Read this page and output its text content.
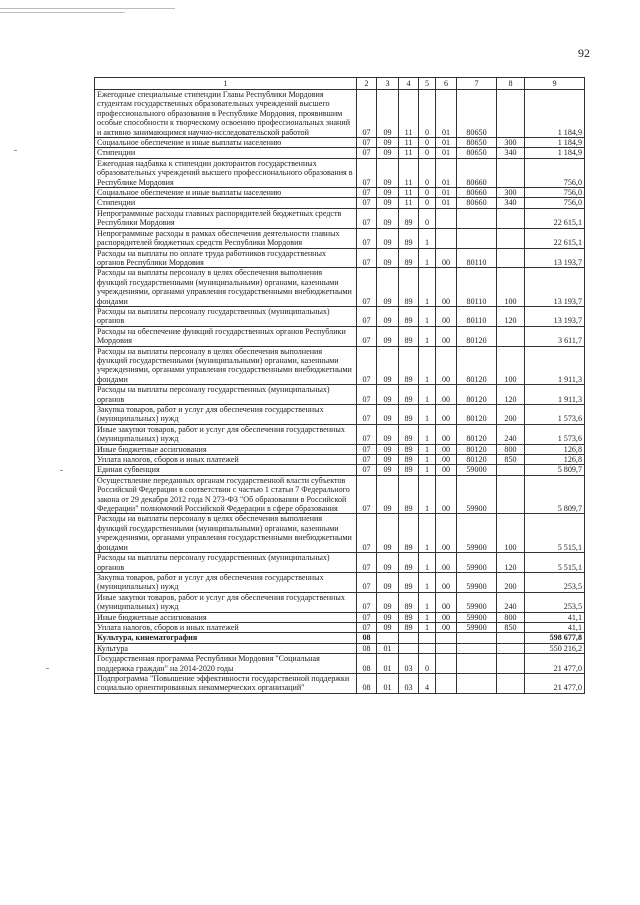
92
1	2	3	4	5	6	7	8	9
Ежегодные специальные стипендии Главы Республики Мордовия студентам государственных образовательных учреждений высшего профессионального образования в Республике Мордовия, проявившим особые способности к творческому освоению профессиональных знаний и активно занимающимся научно-исследовательской работой	07	09	11	0	01	80650		1 184,9
Социальное обеспечение и иные выплаты населению	07	09	11	0	01	80650	300	1 184,9
Стипендии	07	09	11	0	01	80650	340	1 184,9
Ежегодная надбавка к стипендии докторантов государственных образовательных учреждений высшего профессионального образования в Республике Мордовия	07	09	11	0	01	80660		756,0
Социальное обеспечение и иные выплаты населению	07	09	11	0	01	80660	300	756,0
Стипендии	07	09	11	0	01	80660	340	756,0
Непрограммные расходы главных распорядителей бюджетных средств Республики Мордовия	07	09	89	0				22 615,1
Непрограммные расходы в рамках обеспечения деятельности главных распорядителей бюджетных средств Республики Мордовия	07	09	89	1				22 615,1
Расходы на выплаты по оплате труда работников государственных органов Республики Мордовия	07	09	89	1	00	80110		13 193,7
Расходы на выплаты персоналу в целях обеспечения выполнения функций государственными (муниципальными) органами, казенными учреждениями, органами управления государственными внебюджетными фондами	07	09	89	1	00	80110	100	13 193,7
Расходы на выплаты персоналу государственных (муниципальных) органов	07	09	89	1	00	80110	120	13 193,7
Расходы на обеспечение функций государственных органов Республики Мордовия	07	09	89	1	00	80120		3 611,7
Расходы на выплаты персоналу в целях обеспечения выполнения функций государственными (муниципальными) органами, казенными учреждениями, органами управления государственными внебюджетными фондами	07	09	89	1	00	80120	100	1 911,3
Расходы на выплаты персоналу государственных (муниципальных) органов	07	09	89	1	00	80120	120	1 911,3
Закупка товаров, работ и услуг для обеспечения государственных (муниципальных) нужд	07	09	89	1	00	80120	200	1 573,6
Иные закупки товаров, работ и услуг для обеспечения государственных (муниципальных) нужд	07	09	89	1	00	80120	240	1 573,6
Иные бюджетные ассигнования	07	09	89	1	00	80120	800	126,8
Уплата налогов, сборов и иных платежей	07	09	89	1	00	80120	850	126,8
Единая субвенция	07	09	89	1	00	59000		5 809,7
Осуществление переданных органам государственной власти субъектов Российской Федерации в соответствии с частью 1 статьи 7 Федерального закона от 29 декабря 2012 года N 273-ФЗ "Об образовании в Российской Федерации" полномочий Российской Федерации в сфере образования	07	09	89	1	00	59900		5 809,7
Расходы на выплаты персоналу в целях обеспечения выполнения функций государственными (муниципальными) органами, казенными учреждениями, органами управления государственными внебюджетными фондами	07	09	89	1	00	59900	100	5 515,1
Расходы на выплаты персоналу государственных (муниципальных) органов	07	09	89	1	00	59900	120	5 515,1
Закупка товаров, работ и услуг для обеспечения государственных (муниципальных) нужд	07	09	89	1	00	59900	200	253,5
Иные закупки товаров, работ и услуг для обеспечения государственных (муниципальных) нужд	07	09	89	1	00	59900	240	253,5
Иные бюджетные ассигнования	07	09	89	1	00	59900	800	41,1
Уплата налогов, сборов и иных платежей	07	09	89	1	00	59900	850	41,1
Культура, кинематография	08							598 677,8
Культура	08	01						550 216,2
Государственная программа Республики Мордовия "Социальная поддержка граждан" на 2014-2020 годы	08	01	03	0				21 477,0
Подпрограмма "Повышение эффективности государственной поддержки социально ориентированных некоммерческих организаций"	08	01	03	4				21 477,0
